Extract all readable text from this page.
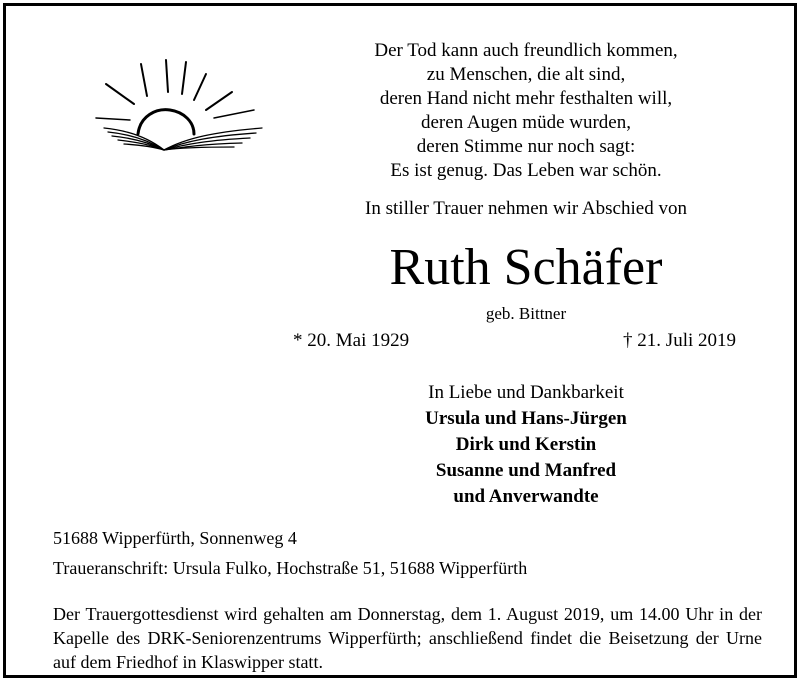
Der Tod kann auch freundlich kommen,
zu Menschen, die alt sind,
deren Hand nicht mehr festhalten will,
deren Augen müde wurden,
deren Stimme nur noch sagt:
Es ist genug. Das Leben war schön.
In stiller Trauer nehmen wir Abschied von
Ruth Schäfer
geb. Bittner
* 20. Mai 1929	† 21. Juli 2019
In Liebe und Dankbarkeit
Ursula und Hans-Jürgen
Dirk und Kerstin
Susanne und Manfred
und Anverwandte
51688 Wipperfürth, Sonnenweg 4
Traueranschrift: Ursula Fulko, Hochstraße 51, 51688 Wipperfürth
Der Trauergottesdienst wird gehalten am Donnerstag, dem 1. August 2019, um 14.00 Uhr in der Kapelle des DRK-Seniorenzentrums Wipperfürth; anschließend findet die Beisetzung der Urne auf dem Friedhof in Klaswipper statt.
